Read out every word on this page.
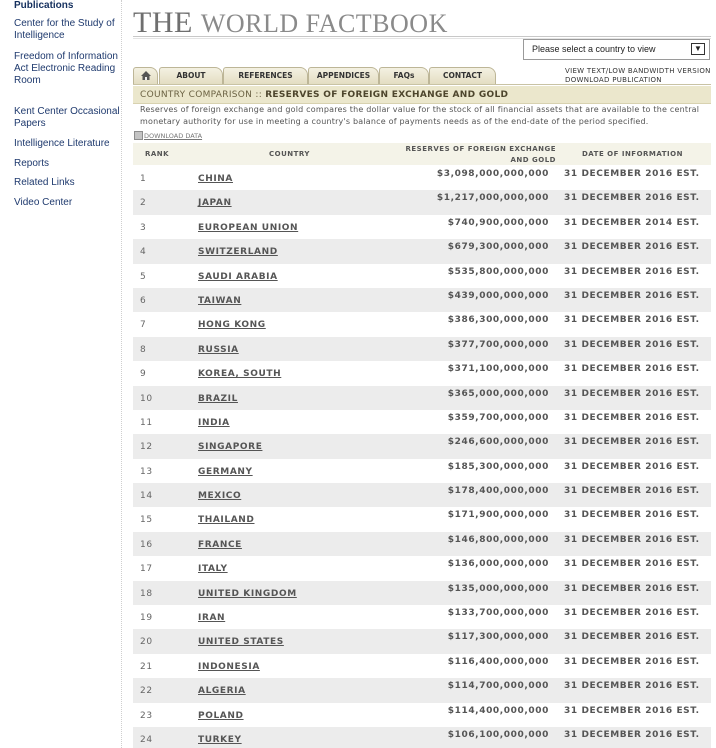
Publications
Center for the Study of Intelligence
Freedom of Information Act Electronic Reading Room
Kent Center Occasional Papers
Intelligence Literature
Reports
Related Links
Video Center
THE WORLD FACTBOOK
Please select a country to view	▼
ABOUT	REFERENCES	APPENDICES	FAQs	CONTACT	VIEW TEXT/LOW BANDWIDTH VERSION
DOWNLOAD PUBLICATION
COUNTRY COMPARISON :: RESERVES OF FOREIGN EXCHANGE AND GOLD
Reserves of foreign exchange and gold compares the dollar value for the stock of all financial assets that are available to the central monetary authority for use in meeting a country's balance of payments needs as of the end-date of the period specified.
DOWNLOAD DATA
RANK	COUNTRY
RESERVES OF FOREIGN EXCHANGE
AND GOLD
DATE OF INFORMATION
1	CHINA	$3,098,000,000,000 31 DECEMBER 2016 EST.
2	JAPAN	$1,217,000,000,000 31 DECEMBER 2016 EST.
3	EUROPEAN UNION	$740,900,000,000 31 DECEMBER 2014 EST.
4	SWITZERLAND	$679,300,000,000 31 DECEMBER 2016 EST.
5	SAUDI ARABIA	$535,800,000,000 31 DECEMBER 2016 EST.
6	TAIWAN	$439,000,000,000 31 DECEMBER 2016 EST.
7	HONG KONG	$386,300,000,000 31 DECEMBER 2016 EST.
8	RUSSIA	$377,700,000,000 31 DECEMBER 2016 EST.
9	KOREA, SOUTH	$371,100,000,000 31 DECEMBER 2016 EST.
10	BRAZIL	$365,000,000,000 31 DECEMBER 2016 EST.
11	INDIA	$359,700,000,000 31 DECEMBER 2016 EST.
12	SINGAPORE	$246,600,000,000 31 DECEMBER 2016 EST.
13	GERMANY	$185,300,000,000 31 DECEMBER 2016 EST.
14	MEXICO	$178,400,000,000 31 DECEMBER 2016 EST.
15	THAILAND	$171,900,000,000 31 DECEMBER 2016 EST.
16	FRANCE	$146,800,000,000 31 DECEMBER 2016 EST.
17	ITALY	$136,000,000,000 31 DECEMBER 2016 EST.
18	UNITED KINGDOM	$135,000,000,000 31 DECEMBER 2016 EST.
19	IRAN	$133,700,000,000 31 DECEMBER 2016 EST.
20	UNITED STATES	$117,300,000,000 31 DECEMBER 2016 EST.
21	INDONESIA	$116,400,000,000 31 DECEMBER 2016 EST.
22	ALGERIA	$114,700,000,000 31 DECEMBER 2016 EST.
23	POLAND	$114,400,000,000 31 DECEMBER 2016 EST.
24	TURKEY	$106,100,000,000 31 DECEMBER 2016 EST.
